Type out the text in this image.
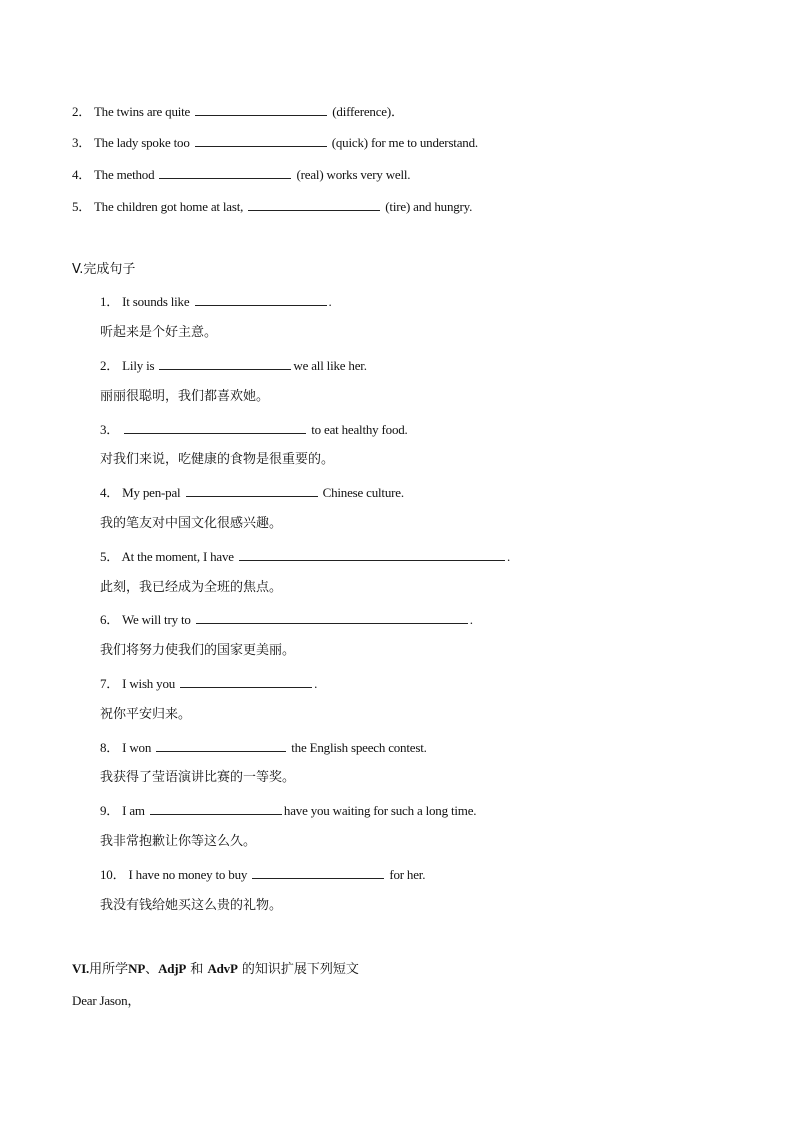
2． The twins are quite	(difference)．
3． The lady spoke too	(quick) for me to understand.
4． The method	(real) works very well.
5． The children got home at last,	(tire) and hungry.
V.完成句子
1． It sounds like	.
听起来是个好主意。
2． Lily is	we all like her.
丽丽很聪明，我们都喜欢她。
3．	to eat healthy food.
对我们来说，吃健康的食物是很重要的。
4． My pen-pal	Chinese culture.
我的笔友对中国文化很感兴趣。
5． At the moment, I have	.
此刻，我已经成为全班的焦点。
6． We will try to	.
我们将努力使我们的国家更美丽。
7． I wish you	.
祝你平安归来。
8． I won	the English speech contest.
我获得了莹语演讲比赛的一等奖。
9． I am	have you waiting for such a long time.
我非常抱歉让你等这么久。
10． I have no money to buy	for her.
我没有钱给她买这么贵的礼物。
VI.用所学NP、AdjP 和 AdvP 的知识扩展下列短文
Dear Jason，
